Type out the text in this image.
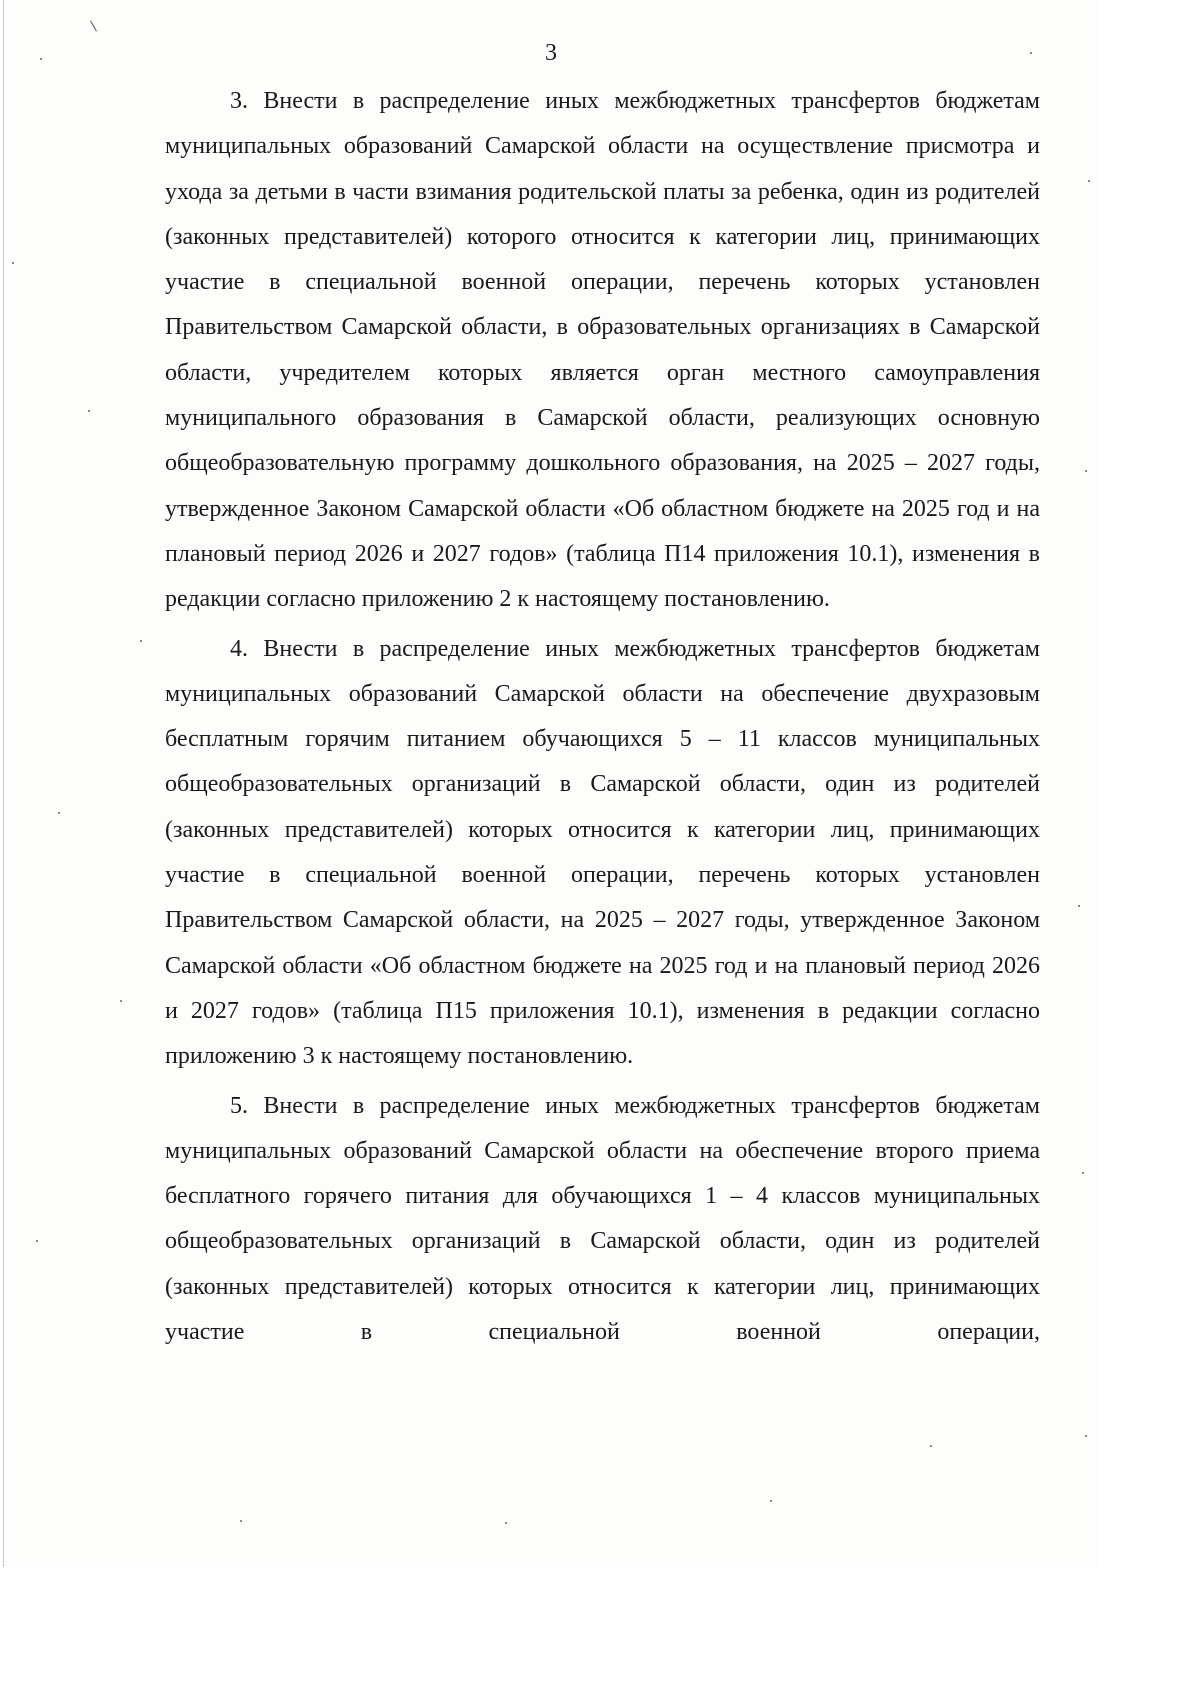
3

3. Внести в распределение иных межбюджетных трансфертов бюджетам муниципальных образований Самарской области на осуществление присмотра и ухода за детьми в части взимания родительской платы за ребенка, один из родителей (законных представителей) которого относится к категории лиц, принимающих участие в специальной военной операции, перечень которых установлен Правительством Самарской области, в образовательных организациях в Самарской области, учредителем которых является орган местного самоуправления муниципального образования в Самарской области, реализующих основную общеобразовательную программу дошкольного образования, на 2025 – 2027 годы, утвержденное Законом Самарской области «Об областном бюджете на 2025 год и на плановый период 2026 и 2027 годов» (таблица П14 приложения 10.1), изменения в редакции согласно приложению 2 к настоящему постановлению.

4. Внести в распределение иных межбюджетных трансфертов бюджетам муниципальных образований Самарской области на обеспечение двухразовым бесплатным горячим питанием обучающихся 5 – 11 классов муниципальных общеобразовательных организаций в Самарской области, один из родителей (законных представителей) которых относится к категории лиц, принимающих участие в специальной военной операции, перечень которых установлен Правительством Самарской области, на 2025 – 2027 годы, утвержденное Законом Самарской области «Об областном бюджете на 2025 год и на плановый период 2026 и 2027 годов» (таблица П15 приложения 10.1), изменения в редакции согласно приложению 3 к настоящему постановлению.

5. Внести в распределение иных межбюджетных трансфертов бюджетам муниципальных образований Самарской области на обеспечение второго приема бесплатного горячего питания для обучающихся 1 – 4 классов муниципальных общеобразовательных организаций в Самарской области, один из родителей (законных представителей) которых относится к категории лиц, принимающих участие в специальной военной операции,
